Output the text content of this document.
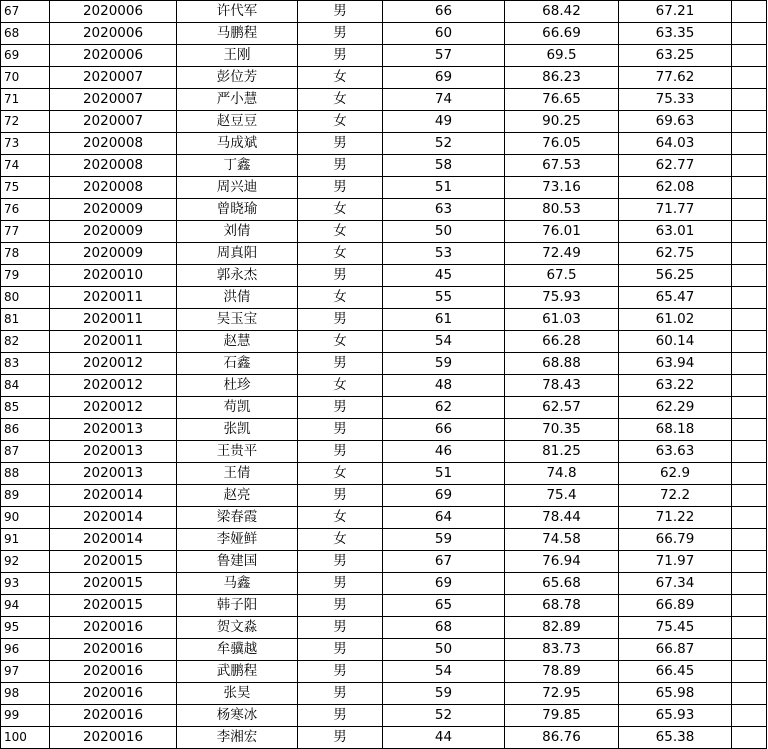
67	2020006	许代军	男	66	68.42	67.21	
68	2020006	马鹏程	男	60	66.69	63.35	
69	2020006	王刚	男	57	69.5	63.25	
70	2020007	彭位芳	女	69	86.23	77.62	
71	2020007	严小慧	女	74	76.65	75.33	
72	2020007	赵豆豆	女	49	90.25	69.63	
73	2020008	马成斌	男	52	76.05	64.03	
74	2020008	丁鑫	男	58	67.53	62.77	
75	2020008	周兴迪	男	51	73.16	62.08	
76	2020009	曾晓瑜	女	63	80.53	71.77	
77	2020009	刘倩	女	50	76.01	63.01	
78	2020009	周真阳	女	53	72.49	62.75	
79	2020010	郭永杰	男	45	67.5	56.25	
80	2020011	洪倩	女	55	75.93	65.47	
81	2020011	吴玉宝	男	61	61.03	61.02	
82	2020011	赵慧	女	54	66.28	60.14	
83	2020012	石鑫	男	59	68.88	63.94	
84	2020012	杜珍	女	48	78.43	63.22	
85	2020012	苟凯	男	62	62.57	62.29	
86	2020013	张凯	男	66	70.35	68.18	
87	2020013	王贵平	男	46	81.25	63.63	
88	2020013	王倩	女	51	74.8	62.9	
89	2020014	赵亮	男	69	75.4	72.2	
90	2020014	梁春霞	女	64	78.44	71.22	
91	2020014	李娅鲜	女	59	74.58	66.79	
92	2020015	鲁建国	男	67	76.94	71.97	
93	2020015	马鑫	男	69	65.68	67.34	
94	2020015	韩子阳	男	65	68.78	66.89	
95	2020016	贺文淼	男	68	82.89	75.45	
96	2020016	牟骥越	男	50	83.73	66.87	
97	2020016	武鹏程	男	54	78.89	66.45	
98	2020016	张昊	男	59	72.95	65.98	
99	2020016	杨寒冰	男	52	79.85	65.93	
100	2020016	李湘宏	男	44	86.76	65.38	
